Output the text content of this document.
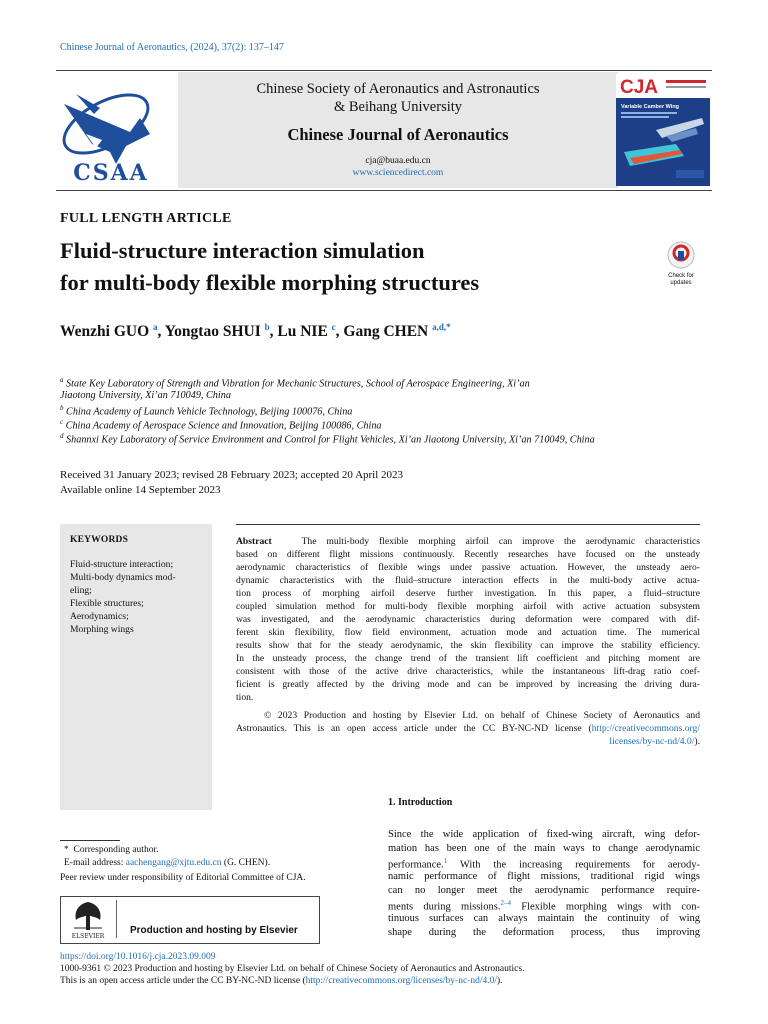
Chinese Journal of Aeronautics, (2024), 37(2): 137–147
CSAA
Chinese Society of Aeronautics and Astronautics
& Beihang University
Chinese Journal of Aeronautics
cja@buaa.edu.cn
www.sciencedirect.com
CJA
Variable Camber Wing
FULL LENGTH ARTICLE
Fluid-structure interaction simulation
for multi-body flexible morphing structures	Check for updates
Wenzhi GUO $^a$, Yongtao SHUI $^b$, Lu NIE $^c$, Gang CHEN $^{a,d,*}$
$^a$ State Key Laboratory of Strength and Vibration for Mechanic Structures, School of Aerospace Engineering, Xi’an
Jiaotong University, Xi’an 710049, China
$^b$ China Academy of Launch Vehicle Technology, Beijing 100076, China
$^c$ China Academy of Aerospace Science and Innovation, Beijing 100086, China
$^d$ Shannxi Key Laboratory of Service Environment and Control for Flight Vehicles, Xi’an Jiaotong University, Xi’an 710049, China
Received 31 January 2023; revised 28 February 2023; accepted 20 April 2023
Available online 14 September 2023
KEYWORDS
Fluid-structure interaction;
Multi-body dynamics mod-
eling;
Flexible structures;
Aerodynamics;
Morphing wings
Abstract	The multi-body flexible morphing airfoil can improve the aerodynamic characteristics
based on different flight missions continuously. Recently researches have focused on the unsteady
aerodynamic characteristics of flexible wings under passive actuation. However, the unsteady aero-
dynamic characteristics with the fluid–structure interaction effects in the multi-body active actua-
tion process of morphing airfoil deserve further investigation. In this paper, a fluid–structure
coupled simulation method for multi-body flexible morphing airfoil with active actuation subsystem
was investigated, and the aerodynamic characteristics during deformation were compared with dif-
ferent skin flexibility, flow field environment, actuation mode and actuation time. The numerical
results show that for the steady aerodynamic, the skin flexibility can improve the stability efficiency.
In the unsteady process, the change trend of the transient lift coefficient and pitching moment are
consistent with those of the active drive characteristics, while the instantaneous lift-drag ratio coef-
ficient is greatly affected by the driving mode and can be improved by increasing the driving dura-
tion.
© 2023 Production and hosting by Elsevier Ltd. on behalf of Chinese Society of Aeronautics and
Astronautics. This is an open access article under the CC BY-NC-ND license (http://creativecommons.org/
licenses/by-nc-nd/4.0/).
1. Introduction
Since the wide application of fixed-wing aircraft, wing defor-
mation has been one of the main ways to change aerodynamic
performance.$^1$ With the increasing requirements for aerody-
namic performance of flight missions, traditional rigid wings
can no longer meet the aerodynamic performance require-
ments during missions.$^{2-4}$ Flexible morphing wings with con-
tinuous surfaces can always maintain the continuity of wing
shape during the deformation process, thus improving
*  Corresponding author.
E-mail address: aachengang@xjtu.edu.cn (G. CHEN).
Peer review under responsibility of Editorial Committee of CJA.
ELSEVIER
Production and hosting by Elsevier
https://doi.org/10.1016/j.cja.2023.09.009
1000-9361 © 2023 Production and hosting by Elsevier Ltd. on behalf of Chinese Society of Aeronautics and Astronautics.
This is an open access article under the CC BY-NC-ND license (http://creativecommons.org/licenses/by-nc-nd/4.0/).
